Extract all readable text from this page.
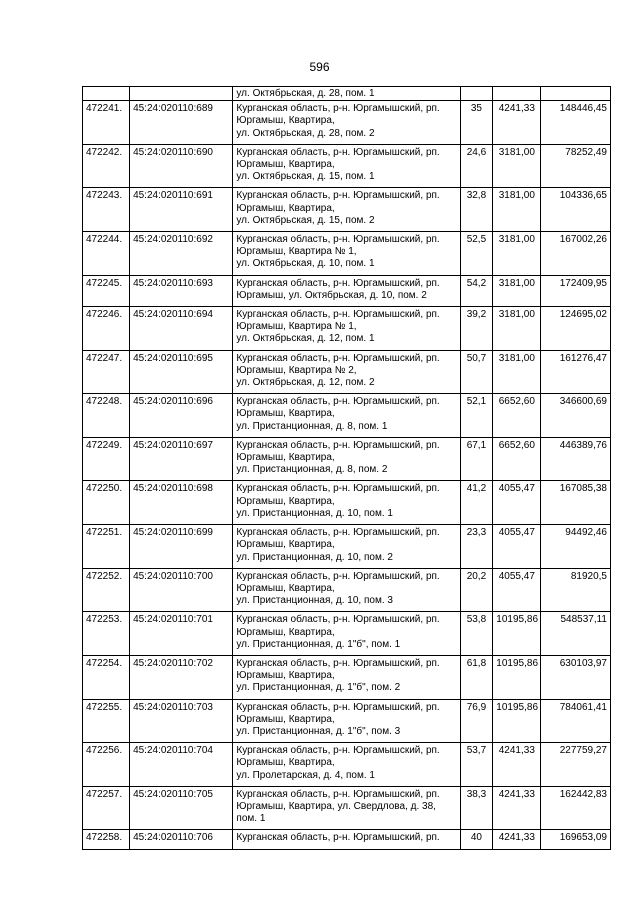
596
		ул. Октябрьская, д. 28, пом. 1			
472241.	45:24:020110:689	Курганская область, р-н. Юргамышский, рп.
Юргамыш, Квартира,
ул. Октябрьская, д. 28, пом. 2	35	4241,33	148446,45
472242.	45:24:020110:690	Курганская область, р-н. Юргамышский, рп.
Юргамыш, Квартира,
ул. Октябрьская, д. 15, пом. 1	24,6	3181,00	78252,49
472243.	45:24:020110:691	Курганская область, р-н. Юргамышский, рп.
Юргамыш, Квартира,
ул. Октябрьская, д. 15, пом. 2	32,8	3181,00	104336,65
472244.	45:24:020110:692	Курганская область, р-н. Юргамышский, рп.
Юргамыш, Квартира № 1,
ул. Октябрьская, д. 10, пом. 1	52,5	3181,00	167002,26
472245.	45:24:020110:693	Курганская область, р-н. Юргамышский, рп.
Юргамыш, ул. Октябрьская, д. 10, пом. 2	54,2	3181,00	172409,95
472246.	45:24:020110:694	Курганская область, р-н. Юргамышский, рп.
Юргамыш, Квартира № 1,
ул. Октябрьская, д. 12, пом. 1	39,2	3181,00	124695,02
472247.	45:24:020110:695	Курганская область, р-н. Юргамышский, рп.
Юргамыш, Квартира № 2,
ул. Октябрьская, д. 12, пом. 2	50,7	3181,00	161276,47
472248.	45:24:020110:696	Курганская область, р-н. Юргамышский, рп.
Юргамыш, Квартира,
ул. Пристанционная, д. 8, пом. 1	52,1	6652,60	346600,69
472249.	45:24:020110:697	Курганская область, р-н. Юргамышский, рп.
Юргамыш, Квартира,
ул. Пристанционная, д. 8, пом. 2	67,1	6652,60	446389,76
472250.	45:24:020110:698	Курганская область, р-н. Юргамышский, рп.
Юргамыш, Квартира,
ул. Пристанционная, д. 10, пом. 1	41,2	4055,47	167085,38
472251.	45:24:020110:699	Курганская область, р-н. Юргамышский, рп.
Юргамыш, Квартира,
ул. Пристанционная, д. 10, пом. 2	23,3	4055,47	94492,46
472252.	45:24:020110:700	Курганская область, р-н. Юргамышский, рп.
Юргамыш, Квартира,
ул. Пристанционная, д. 10, пом. 3	20,2	4055,47	81920,5
472253.	45:24:020110:701	Курганская область, р-н. Юргамышский, рп.
Юргамыш, Квартира,
ул. Пристанционная, д. 1"б", пом. 1	53,8	10195,86	548537,11
472254.	45:24:020110:702	Курганская область, р-н. Юргамышский, рп.
Юргамыш, Квартира,
ул. Пристанционная, д. 1"б", пом. 2	61,8	10195,86	630103,97
472255.	45:24:020110:703	Курганская область, р-н. Юргамышский, рп.
Юргамыш, Квартира,
ул. Пристанционная, д. 1"б", пом. 3	76,9	10195,86	784061,41
472256.	45:24:020110:704	Курганская область, р-н. Юргамышский, рп.
Юргамыш, Квартира,
ул. Пролетарская, д. 4, пом. 1	53,7	4241,33	227759,27
472257.	45:24:020110:705	Курганская область, р-н. Юргамышский, рп.
Юргамыш, Квартира, ул. Свердлова, д. 38,
пом. 1	38,3	4241,33	162442,83
472258.	45:24:020110:706	Курганская область, р-н. Юргамышский, рп.	40	4241,33	169653,09
